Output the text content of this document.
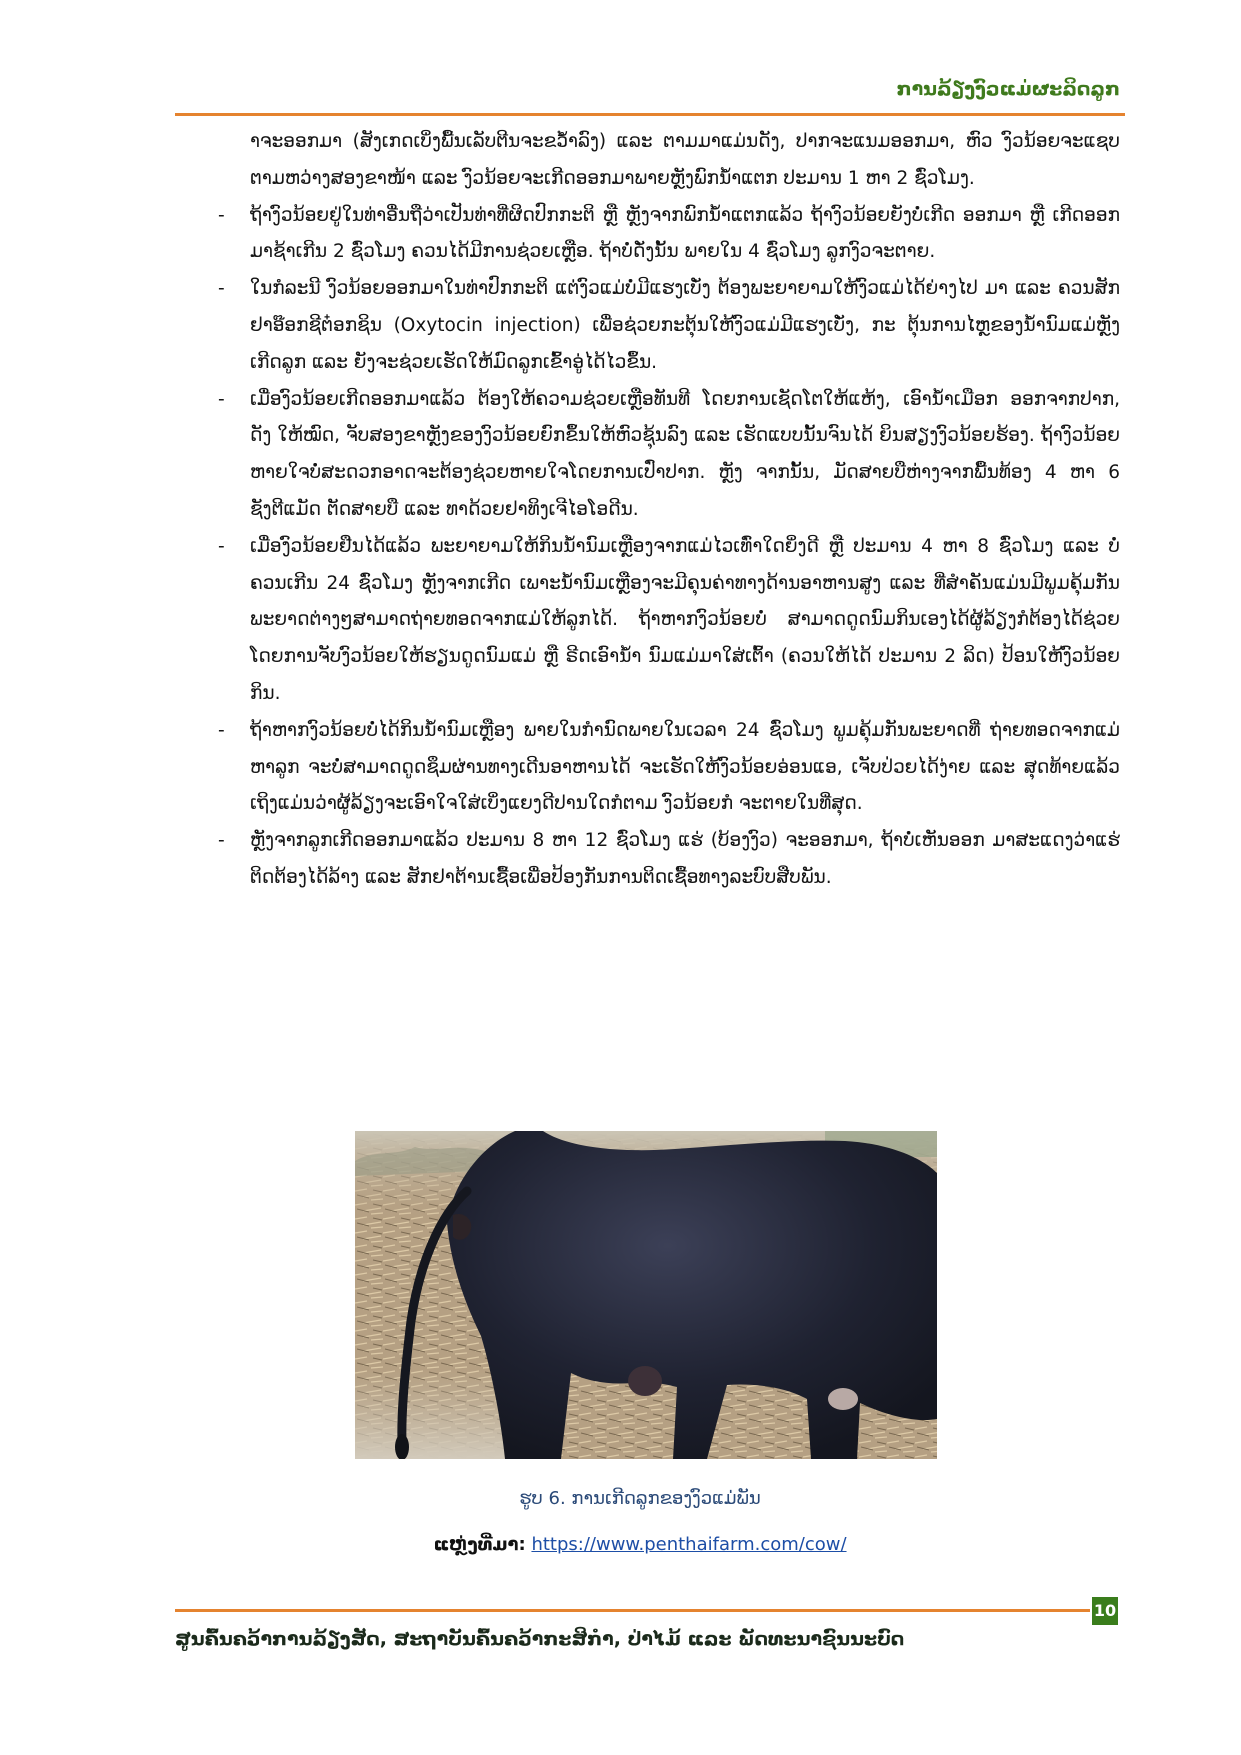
ການລ້ຽງງົວແມ່ຜະລິດລູກ

າຈະອອກມາ (ສັງເກດເບິ່ງພື້ນເລັບຕີນຈະຂວ້ຳລົງ) ແລະ ຕາມມາແມ່ນດັງ, ປາກຈະແນມອອກມາ, ຫົວ ງົວນ້ອຍຈະແຊບຕາມຫວ່າງສອງຂາໜ້າ ແລະ ງົວນ້ອຍຈະເກີດອອກມາພາຍຫຼັງພົກນ້ຳແຕກ ປະມານ 1 ຫາ 2 ຊົ່ວໂມງ.

-	ຖ້າງົວນ້ອຍຢູ່ໃນທ່າອື່ນຖືວ່າເປັນທ່າທີ່ຜິດປົກກະຕິ ຫຼື ຫຼັງຈາກພົກນ້ຳແຕກແລ້ວ ຖ້າງົວນ້ອຍຍັງບໍ່ເກີດ ອອກມາ ຫຼື ເກີດອອກມາຊ້າເກີນ 2 ຊົ່ວໂມງ ຄວນໄດ້ມີການຊ່ວຍເຫຼືອ. ຖ້າບໍ່ດັ່ງນັ້ນ ພາຍໃນ 4 ຊົ່ວໂມງ ລູກງົວຈະຕາຍ.

-	ໃນກໍລະນີ ງົວນ້ອຍອອກມາໃນທ່າປົກກະຕິ ແຕ່ງົວແມ່ບໍ່ມີແຮງເບັ່ງ ຕ້ອງພະຍາຍາມໃຫ້ງົວແມ່ໄດ້ຍ່າງໄປ ມາ ແລະ ຄວນສັກຢາອ໊ອກຊີຕ໋ອກຊິນ (Oxytocin injection) ເພື່ອຊ່ວຍກະຕຸ້ນໃຫ້ງົວແມ່ມີແຮງເບັ່ງ, ກະ ຕຸ້ນການໄຫຼຂອງນ້ຳນົມແມ່ຫຼັງເກີດລູກ ແລະ ຍັງຈະຊ່ວຍເຮັດໃຫ້ມົດລູກເຂົ້າອູ່ໄດ້ໄວຂຶ້ນ.

-	ເມື່ອງົວນ້ອຍເກີດອອກມາແລ້ວ ຕ້ອງໃຫ້ຄວາມຊ່ວຍເຫຼືອທັນທີ ໂດຍການເຊັດໂຕໃຫ້ແຫ້ງ, ເອົານ້ຳເມືອກ ອອກຈາກປາກ, ດັງ ໃຫ້ໝົດ, ຈັບສອງຂາຫຼັງຂອງງົວນ້ອຍຍົກຂຶ້ນໃຫ້ຫົວຊຸ້ນລົງ ແລະ ເຮັດແບບນັ້ນຈົນໄດ້ ຍິນສຽງງົວນ້ອຍຮ້ອງ. ຖ້າງົວນ້ອຍຫາຍໃຈບໍ່ສະດວກອາດຈະຕ້ອງຊ່ວຍຫາຍໃຈໂດຍການເປົ່າປາກ. ຫຼັງ ຈາກນັ້ນ, ມັດສາຍບືຫ່າງຈາກພື້ນທ້ອງ 4 ຫາ 6 ຊັງຕີແມັດ ຕັດສາຍບື ແລະ ທາດ້ວຍຢາທິງເຈີໄອໂອດີນ.

-	ເມື່ອງົວນ້ອຍຢືນໄດ້ແລ້ວ ພະຍາຍາມໃຫ້ກິນນ້ຳນົມເຫຼືອງຈາກແມ່ໄວເທົ່າໃດຍິ່ງດີ ຫຼື ປະມານ 4 ຫາ 8 ຊົ່ວໂມງ ແລະ ບໍ່ຄວນເກີນ 24 ຊົ່ວໂມງ ຫຼັງຈາກເກີດ ເພາະນ້ຳນົມເຫຼືອງຈະມີຄຸນຄ່າທາງດ້ານອາຫານສູງ ແລະ ທີ່ສຳຄັນແມ່ນມີພູມຄຸ້ມກັນພະຍາດຕ່າງໆສາມາດຖ່າຍທອດຈາກແມ່ໃຫ້ລູກໄດ້. ຖ້າຫາກງົວນ້ອຍບໍ່ ສາມາດດູດນົມກິນເອງໄດ້ຜູ້ລ້ຽງກໍຕ້ອງໄດ້ຊ່ວຍ ໂດຍການຈັບງົວນ້ອຍໃຫ້ຮຽນດູດນົມແມ່ ຫຼື ຣີດເອົານ້ຳ ນົມແມ່ມາໃສ່ເຕົ້າ (ຄວນໃຫ້ໄດ້ ປະມານ 2 ລິດ) ປ້ອນໃຫ້ງົວນ້ອຍກິນ.

-	ຖ້າຫາກງົວນ້ອຍບໍ່ໄດ້ກິນນ້ຳນົມເຫຼືອງ ພາຍໃນກຳນົດພາຍໃນເວລາ 24 ຊົ່ວໂມງ ພູມຄຸ້ມກັນພະຍາດທີ່ ຖ່າຍທອດຈາກແມ່ຫາລູກ ຈະບໍ່ສາມາດດູດຊຶມຜ່ານທາງເດີນອາຫານໄດ້ ຈະເຮັດໃຫ້ງົວນ້ອຍອ່ອນແອ, ເຈັບປ່ວຍໄດ້ງ່າຍ ແລະ ສຸດທ້າຍແລ້ວເຖິງແມ່ນວ່າຜູ້ລ້ຽງຈະເອົາໃຈໃສ່ເບິ່ງແຍງດີປານໃດກໍຕາມ ງົວນ້ອຍກໍ ຈະຕາຍໃນທີ່ສຸດ.

-	ຫຼັງຈາກລູກເກີດອອກມາແລ້ວ ປະມານ 8 ຫາ 12 ຊົ່ວໂມງ ແຮ່ (ບ້ອງງົວ) ຈະອອກມາ, ຖ້າບໍ່ເຫັນອອກ ມາສະແດງວ່າແຮ່ຕິດຕ້ອງໄດ້ລ້າງ ແລະ ສັກຢາຕ້ານເຊື້ອເພື່ອປ້ອງກັນການຕິດເຊື້ອທາງລະບົບສືບພັນ.

ຮູບ 6. ການເກີດລູກຂອງງົວແມ່ພັນ
ແຫຼ່ງທີ່ມາ: https://www.penthaifarm.com/cow/
10
ສູນຄົ້ນຄວ້າການລ້ຽງສັດ, ສະຖາບັນຄົ້ນຄວ້າກະສິກຳ, ປ່າໄມ້ ແລະ ພັດທະນາຊົນນະບົດ
